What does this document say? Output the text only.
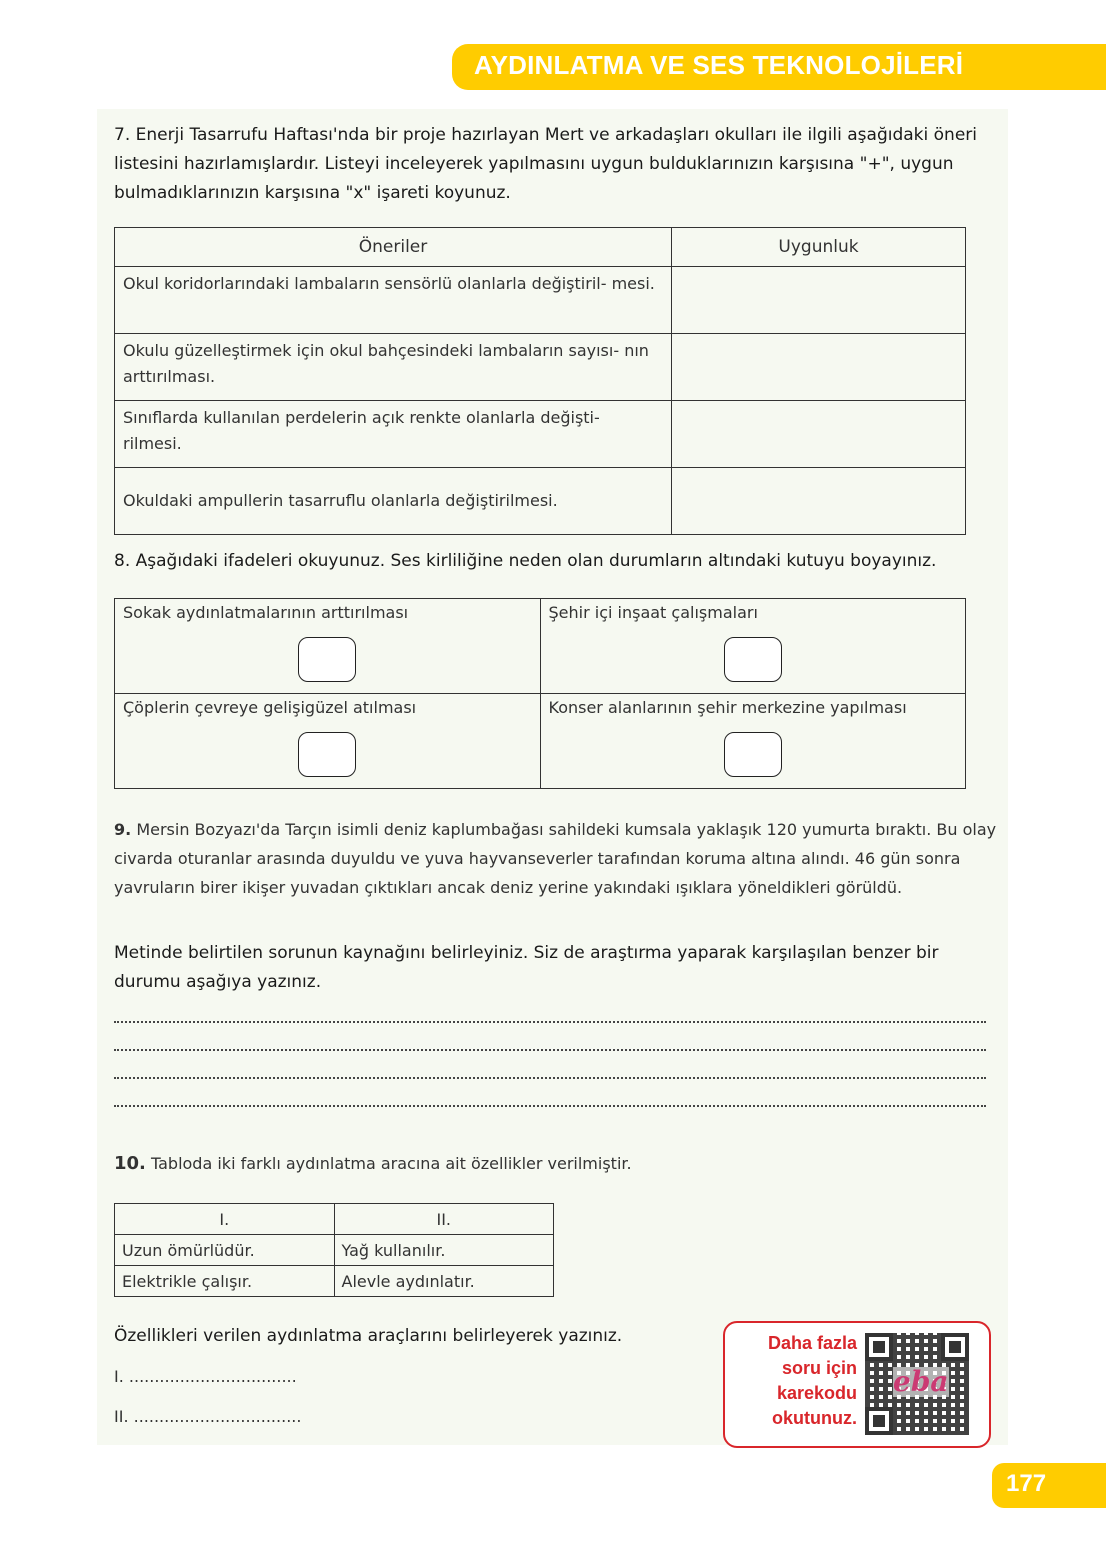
AYDINLATMA VE SES TEKNOLOJİLERİ
7. Enerji Tasarrufu Haftası'nda bir proje hazırlayan Mert ve arkadaşları okulları ile ilgili aşağıdaki öneri listesini hazırlamışlardır. Listeyi inceleyerek yapılmasını uygun bulduklarınızın karşısına "+", uygun bulmadıklarınızın karşısına "x" işareti koyunuz.
Öneriler	Uygunluk
Okul koridorlarındaki lambaların sensörlü olanlarla değiştiril- mesi.	
Okulu güzelleştirmek için okul bahçesindeki lambaların sayısı- nın arttırılması.	
Sınıflarda kullanılan perdelerin açık renkte olanlarla değişti- rilmesi.	
Okuldaki ampullerin tasarruflu olanlarla değiştirilmesi.	
8. Aşağıdaki ifadeleri okuyunuz. Ses kirliliğine neden olan durumların altındaki kutuyu boyayınız.
Sokak aydınlatmalarının arttırılması	Şehir içi inşaat çalışmaları

Çöplerin çevreye gelişigüzel atılması	Konser alanlarının şehir merkezine yapılması
9. Mersin Bozyazı'da Tarçın isimli deniz kaplumbağası sahildeki kumsala yaklaşık 120 yumurta bıraktı. Bu olay civarda oturanlar arasında duyuldu ve yuva hayvanseverler tarafından koruma altına alındı. 46 gün sonra yavruların birer ikişer yuvadan çıktıkları ancak deniz yerine yakındaki ışıklara yöneldikleri görüldü.
Metinde belirtilen sorunun kaynağını belirleyiniz. Siz de araştırma yaparak karşılaşılan benzer bir durumu aşağıya yazınız.
10. Tabloda iki farklı aydınlatma aracına ait özellikler verilmiştir.
I.	II.
Uzun ömürlüdür.	Yağ kullanılır.
Elektrikle çalışır.	Alevle aydınlatır.
Özellikleri verilen aydınlatma araçlarını belirleyerek yazınız.
I. .................................
II. .................................
Daha fazla
soru için
karekodu
okutunuz.
eba
177
